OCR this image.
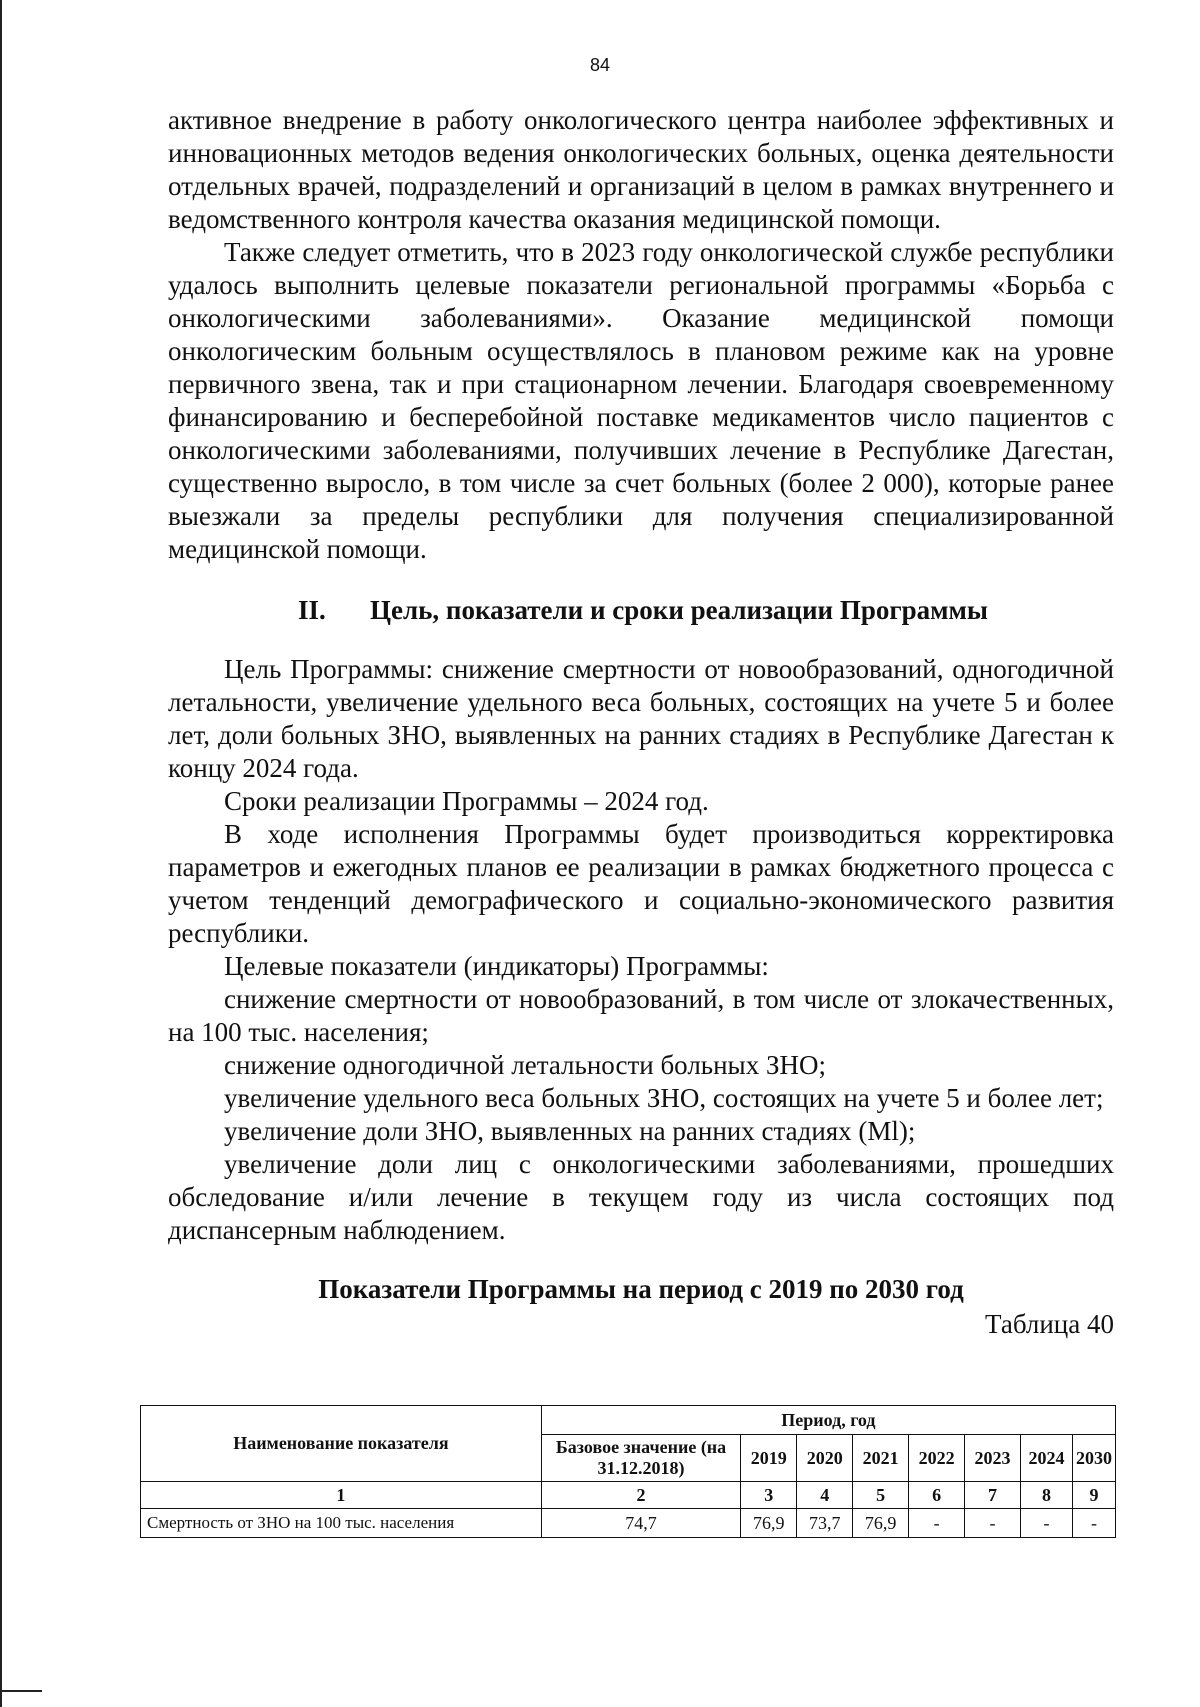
84

активное внедрение в работу онкологического центра наиболее эффективных и инновационных методов ведения онкологических больных, оценка деятельности отдельных врачей, подразделений и организаций в целом в рамках внутреннего и ведомственного контроля качества оказания медицинской помощи.

Также следует отметить, что в 2023 году онкологической службе республики удалось выполнить целевые показатели региональной программы «Борьба с онкологическими заболеваниями». Оказание медицинской помощи онкологическим больным осуществлялось в плановом режиме как на уровне первичного звена, так и при стационарном лечении. Благодаря своевременному финансированию и бесперебойной поставке медикаментов число пациентов с онкологическими заболеваниями, получивших лечение в Республике Дагестан, существенно выросло, в том числе за счет больных (более 2 000), которые ранее выезжали за пределы республики для получения специализированной медицинской помощи.

II. Цель, показатели и сроки реализации Программы

Цель Программы: снижение смертности от новообразований, одногодичной летальности, увеличение удельного веса больных, состоящих на учете 5 и более лет, доли больных ЗНО, выявленных на ранних стадиях в Республике Дагестан к концу 2024 года.

Сроки реализации Программы – 2024 год.

В ходе исполнения Программы будет производиться корректировка параметров и ежегодных планов ее реализации в рамках бюджетного процесса с учетом тенденций демографического и социально-экономического развития республики.

Целевые показатели (индикаторы) Программы:

снижение смертности от новообразований, в том числе от злокачественных, на 100 тыс. населения;

снижение одногодичной летальности больных ЗНО;

увеличение удельного веса больных ЗНО, состоящих на учете 5 и более лет;

увеличение доли ЗНО, выявленных на ранних стадиях (Ml);

увеличение доли лиц с онкологическими заболеваниями, прошедших обследование и/или лечение в текущем году из числа состоящих под диспансерным наблюдением.

Показатели Программы на период с 2019 по 2030 год

Таблица 40

Наименование показателя	Период, год							
	Базовое значение (на 31.12.2018)	2019	2020	2021	2022	2023	2024	2030
1	2	3	4	5	6	7	8	9
Смертность от ЗНО на 100 тыс. населения	74,7	76,9	73,7	76,9	-	-	-	-
